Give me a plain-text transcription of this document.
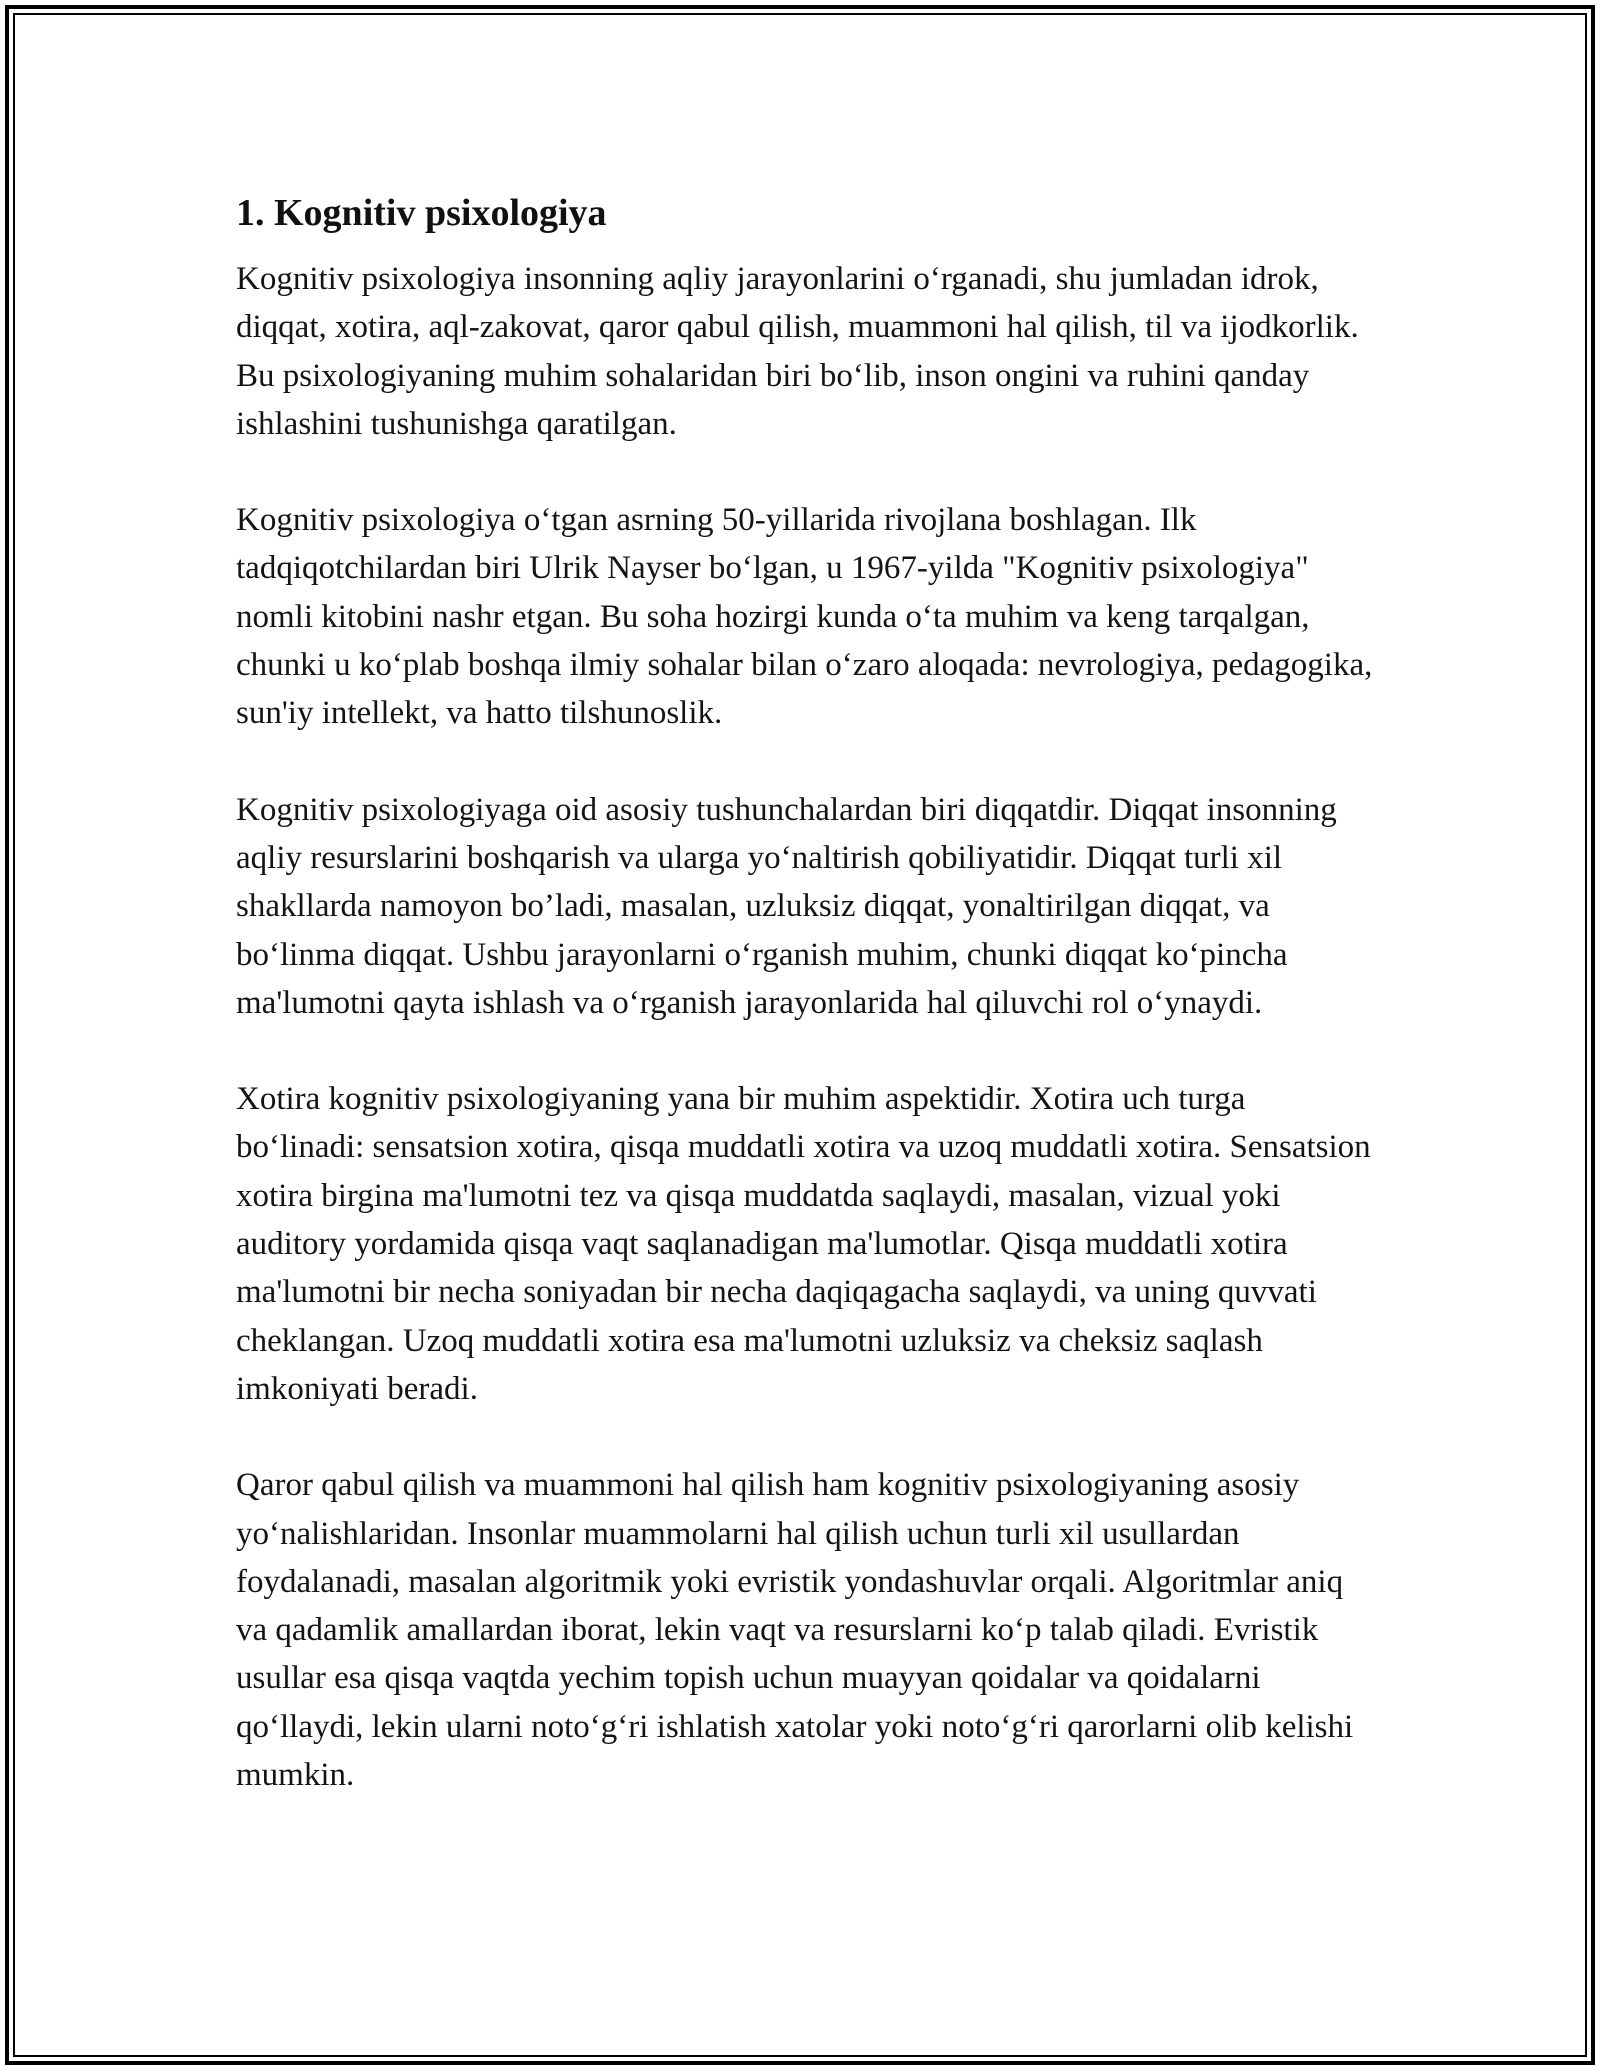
1. Kognitiv psixologiya

Kognitiv psixologiya insonning aqliy jarayonlarini o‘rganadi, shu jumladan idrok, diqqat, xotira, aql-zakovat, qaror qabul qilish, muammoni hal qilish, til va ijodkorlik. Bu psixologiyaning muhim sohalaridan biri bo‘lib, inson ongini va ruhini qanday ishlashini tushunishga qaratilgan.

Kognitiv psixologiya o‘tgan asrning 50-yillarida rivojlana boshlagan. Ilk tadqiqotchilardan biri Ulrik Nayser bo‘lgan, u 1967-yilda "Kognitiv psixologiya" nomli kitobini nashr etgan. Bu soha hozirgi kunda o‘ta muhim va keng tarqalgan, chunki u ko‘plab boshqa ilmiy sohalar bilan o‘zaro aloqada: nevrologiya, pedagogika, sun'iy intellekt, va hatto tilshunoslik.

Kognitiv psixologiyaga oid asosiy tushunchalardan biri diqqatdir. Diqqat insonning aqliy resurslarini boshqarish va ularga yo‘naltirish qobiliyatidir. Diqqat turli xil shakllarda namoyon bo’ladi, masalan, uzluksiz diqqat, yonaltirilgan diqqat, va bo‘linma diqqat. Ushbu jarayonlarni o‘rganish muhim, chunki diqqat ko‘pincha ma'lumotni qayta ishlash va o‘rganish jarayonlarida hal qiluvchi rol o‘ynaydi.

Xotira kognitiv psixologiyaning yana bir muhim aspektidir. Xotira uch turga bo‘linadi: sensatsion xotira, qisqa muddatli xotira va uzoq muddatli xotira. Sensatsion xotira birgina ma'lumotni tez va qisqa muddatda saqlaydi, masalan, vizual yoki auditory yordamida qisqa vaqt saqlanadigan ma'lumotlar. Qisqa muddatli xotira ma'lumotni bir necha soniyadan bir necha daqiqagacha saqlaydi, va uning quvvati cheklangan. Uzoq muddatli xotira esa ma'lumotni uzluksiz va cheksiz saqlash imkoniyati beradi.

Qaror qabul qilish va muammoni hal qilish ham kognitiv psixologiyaning asosiy yo‘nalishlaridan. Insonlar muammolarni hal qilish uchun turli xil usullardan foydalanadi, masalan algoritmik yoki evristik yondashuvlar orqali. Algoritmlar aniq va qadamlik amallardan iborat, lekin vaqt va resurslarni ko‘p talab qiladi. Evristik usullar esa qisqa vaqtda yechim topish uchun muayyan qoidalar va qoidalarni qo‘llaydi, lekin ularni noto‘g‘ri ishlatish xatolar yoki noto‘g‘ri qarorlarni olib kelishi mumkin.
